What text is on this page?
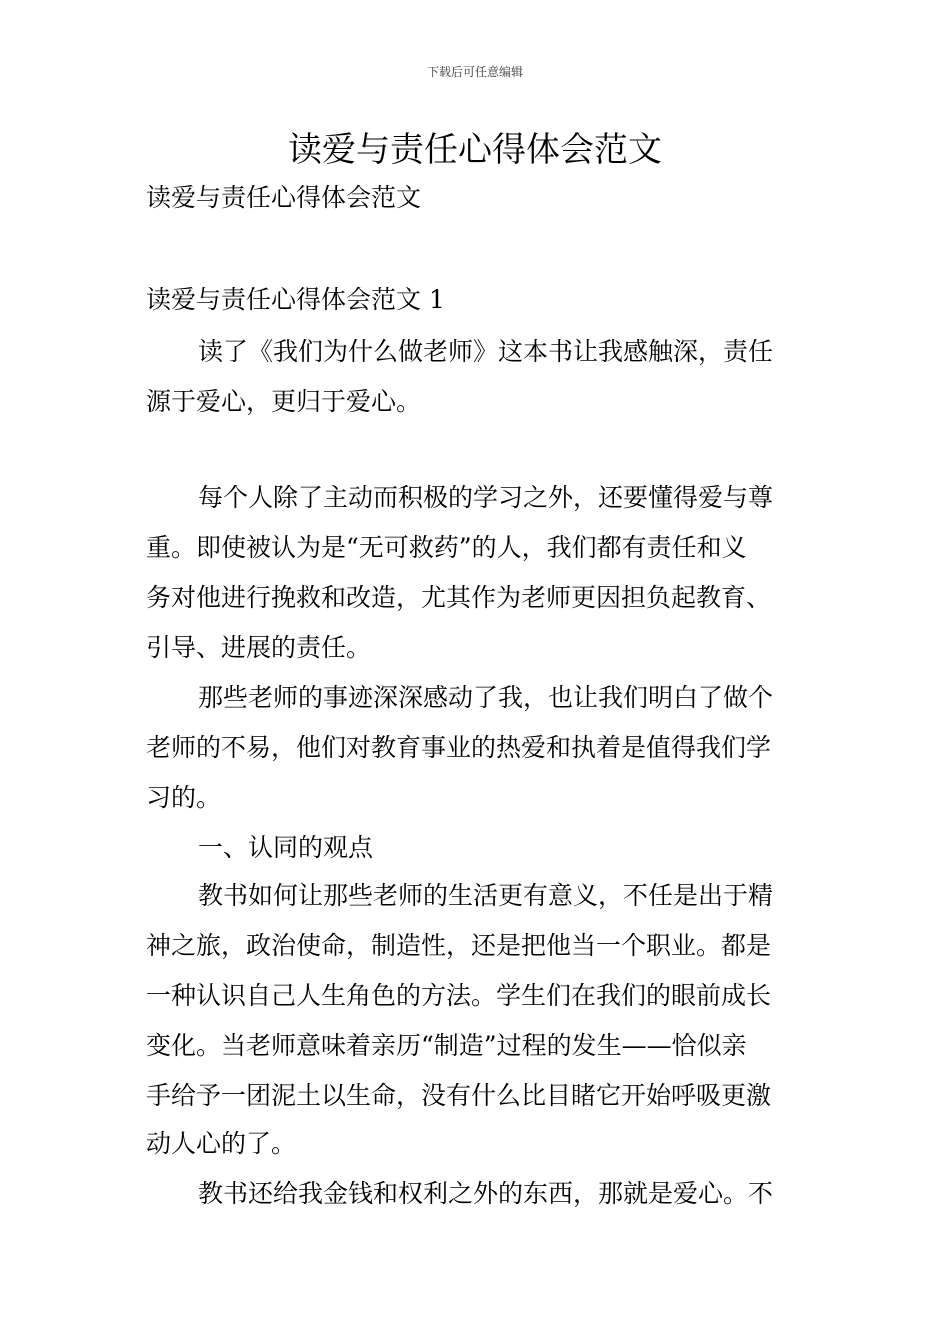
下载后可任意编辑
读爱与责任心得体会范文
读爱与责任心得体会范文
读爱与责任心得体会范文 1
读了《我们为什么做老师》这本书让我感触深，责任
源于爱心，更归于爱心。
每个人除了主动而积极的学习之外，还要懂得爱与尊
重。即使被认为是“无可救药”的人，我们都有责任和义
务对他进行挽救和改造，尤其作为老师更因担负起教育、
引导、进展的责任。
那些老师的事迹深深感动了我，也让我们明白了做个
老师的不易，他们对教育事业的热爱和执着是值得我们学
习的。
一、认同的观点
教书如何让那些老师的生活更有意义，不任是出于精
神之旅，政治使命，制造性，还是把他当一个职业。都是
一种认识自己人生角色的方法。学生们在我们的眼前成长
变化。当老师意味着亲历“制造”过程的发生——恰似亲
手给予一团泥土以生命，没有什么比目睹它开始呼吸更激
动人心的了。
教书还给我金钱和权利之外的东西，那就是爱心。不
